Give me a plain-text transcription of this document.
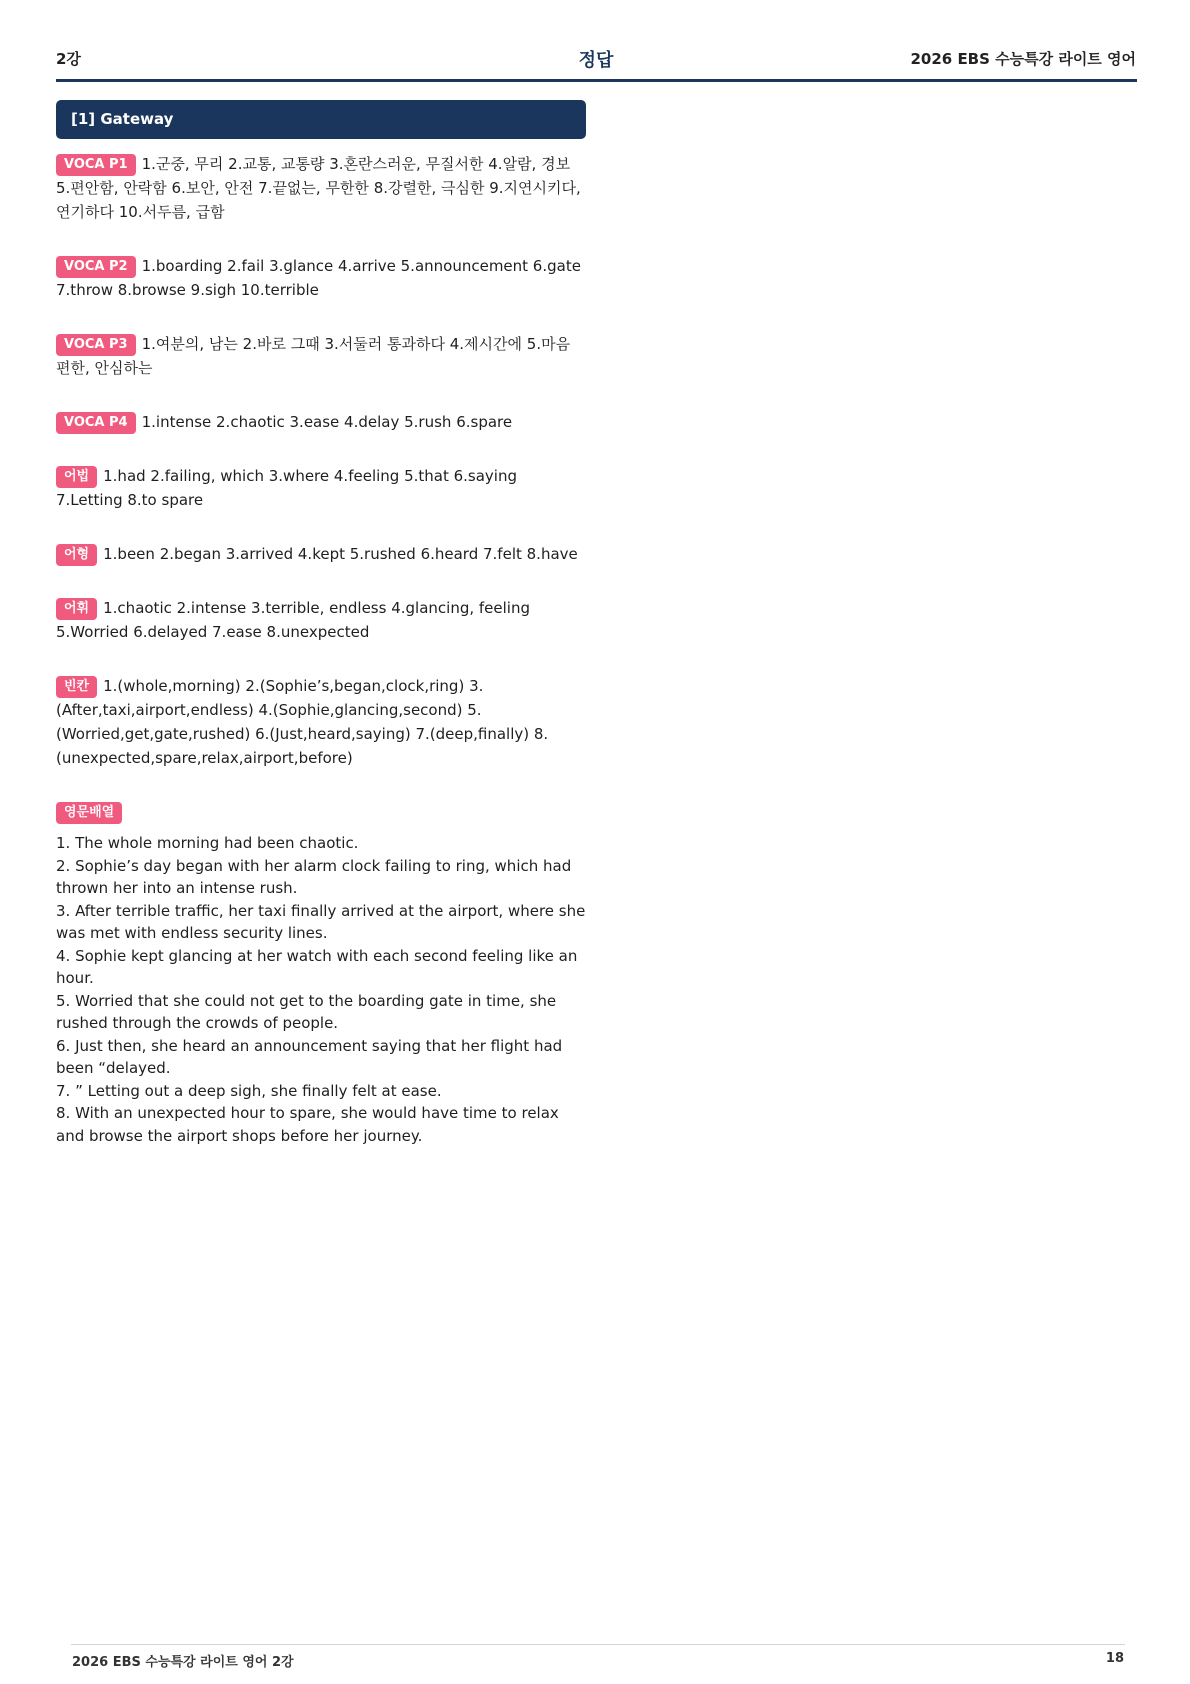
2강	정답	2026 EBS 수능특강 라이트 영어
[1] Gateway
VOCA P1 1.군중, 무리 2.교통, 교통량 3.혼란스러운, 무질서한 4.알람, 경보 5.편안함, 안락함 6.보안, 안전 7.끝없는, 무한한 8.강렬한, 극심한 9.지연시키다, 연기하다 10.서두름, 급함
VOCA P2 1.boarding 2.fail 3.glance 4.arrive 5.announcement 6.gate 7.throw 8.browse 9.sigh 10.terrible
VOCA P3 1.여분의, 남는 2.바로 그때 3.서둘러 통과하다 4.제시간에 5.마음 편한, 안심하는
VOCA P4 1.intense 2.chaotic 3.ease 4.delay 5.rush 6.spare
어법 1.had 2.failing, which 3.where 4.feeling 5.that 6.saying 7.Letting 8.to spare
어형 1.been 2.began 3.arrived 4.kept 5.rushed 6.heard 7.felt 8.have
어휘 1.chaotic 2.intense 3.terrible, endless 4.glancing, feeling 5.Worried 6.delayed 7.ease 8.unexpected
빈칸 1.(whole,morning) 2.(Sophie’s,began,clock,ring) 3.(After,taxi,airport,endless) 4.(Sophie,glancing,second) 5.(Worried,get,gate,rushed) 6.(Just,heard,saying) 7.(deep,finally) 8.(unexpected,spare,relax,airport,before)
영문배열
1. The whole morning had been chaotic.
2. Sophie’s day began with her alarm clock failing to ring, which had thrown her into an intense rush.
3. After terrible traffic, her taxi finally arrived at the airport, where she was met with endless security lines.
4. Sophie kept glancing at her watch with each second feeling like an hour.
5. Worried that she could not get to the boarding gate in time, she rushed through the crowds of people.
6. Just then, she heard an announcement saying that her flight had been “delayed.
7. ” Letting out a deep sigh, she finally felt at ease.
8. With an unexpected hour to spare, she would have time to relax and browse the airport shops before her journey.
2026 EBS 수능특강 라이트 영어 2강	18
